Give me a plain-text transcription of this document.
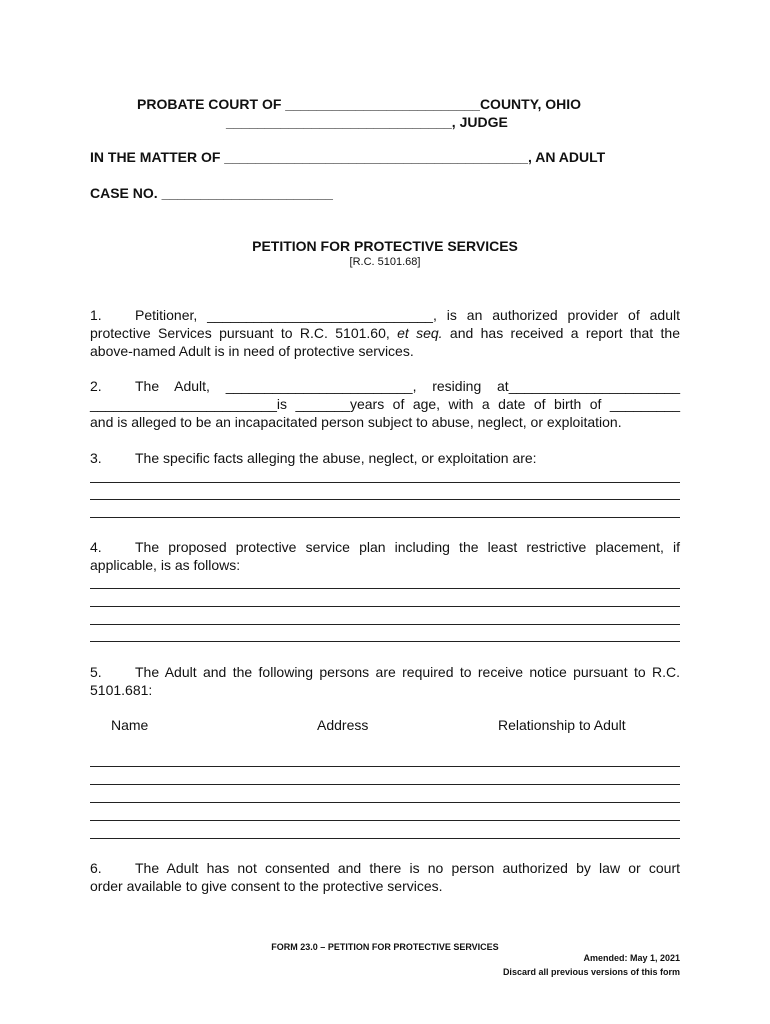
PROBATE COURT OF _________________________COUNTY, OHIO
_____________________________, JUDGE
IN THE MATTER OF _______________________________________, AN ADULT
CASE NO. ______________________
PETITION FOR PROTECTIVE SERVICES
[R.C. 5101.68]
1. Petitioner, _____________________________, is an authorized provider of adult
protective Services pursuant to R.C. 5101.60, et seq. and has received a report that the
above-named Adult is in need of protective services.
2. The Adult, ________________________, residing at______________________
________________________is _______years of age, with a date of birth of _________
and is alleged to be an incapacitated person subject to abuse, neglect, or exploitation.
3. The specific facts alleging the abuse, neglect, or exploitation are:
4. The proposed protective service plan including the least restrictive placement, if
applicable, is as follows:
5. The Adult and the following persons are required to receive notice pursuant to R.C.
5101.681:
Name	Address	Relationship to Adult
6. The Adult has not consented and there is no person authorized by law or court
order available to give consent to the protective services.
FORM 23.0 – PETITION FOR PROTECTIVE SERVICES
Amended: May 1, 2021
Discard all previous versions of this form
